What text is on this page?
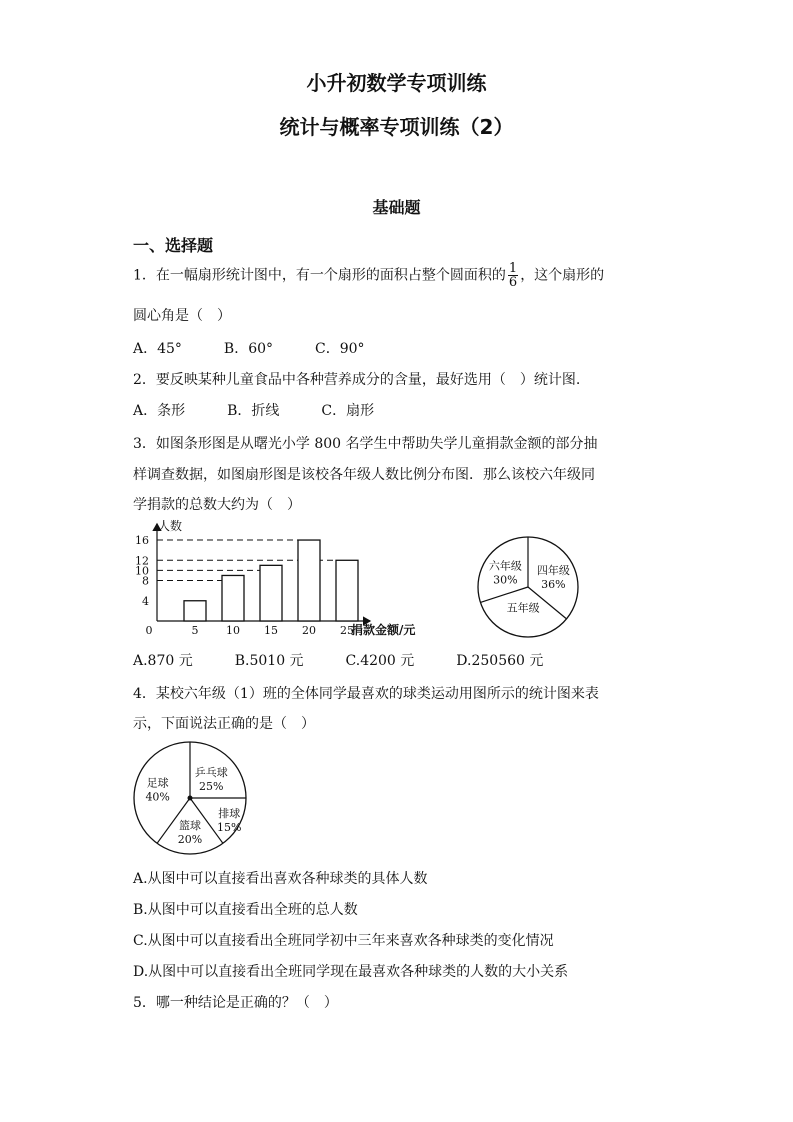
小升初数学专项训练
统计与概率专项训练（2）
基础题
一、选择题
1．在一幅扇形统计图中，有一个扇形的面积占整个圆面积的 $\frac{1}{6}$ ，这个扇形的
圆心角是（　）
A．45°　　　B．60°　　　C．90°
2．要反映某种儿童食品中各种营养成分的含量，最好选用（　）统计图.
A．条形　　　B．折线　　　C．扇形
3．如图条形图是从曙光小学 800 名学生中帮助失学儿童捐款金额的部分抽
样调查数据，如图扇形图是该校各年级人数比例分布图．那么该校六年级同
学捐款的总数大约为（　）
人数
捐款金额/元
4
8
10
12
16
0	5	10 15 20 25
四年级
36%
五年级
六年级
30%
A.870 元　　　B.5010 元　　　C.4200 元　　　D.250560 元
4．某校六年级（1）班的全体同学最喜欢的球类运动用图所示的统计图来表
示，下面说法正确的是（　）
乒乓球
25%
排球
15%
篮球
20%
足球
40%
A.从图中可以直接看出喜欢各种球类的具体人数
B.从图中可以直接看出全班的总人数
C.从图中可以直接看出全班同学初中三年来喜欢各种球类的变化情况
D.从图中可以直接看出全班同学现在最喜欢各种球类的人数的大小关系
5．哪一种结论是正确的？（　）
